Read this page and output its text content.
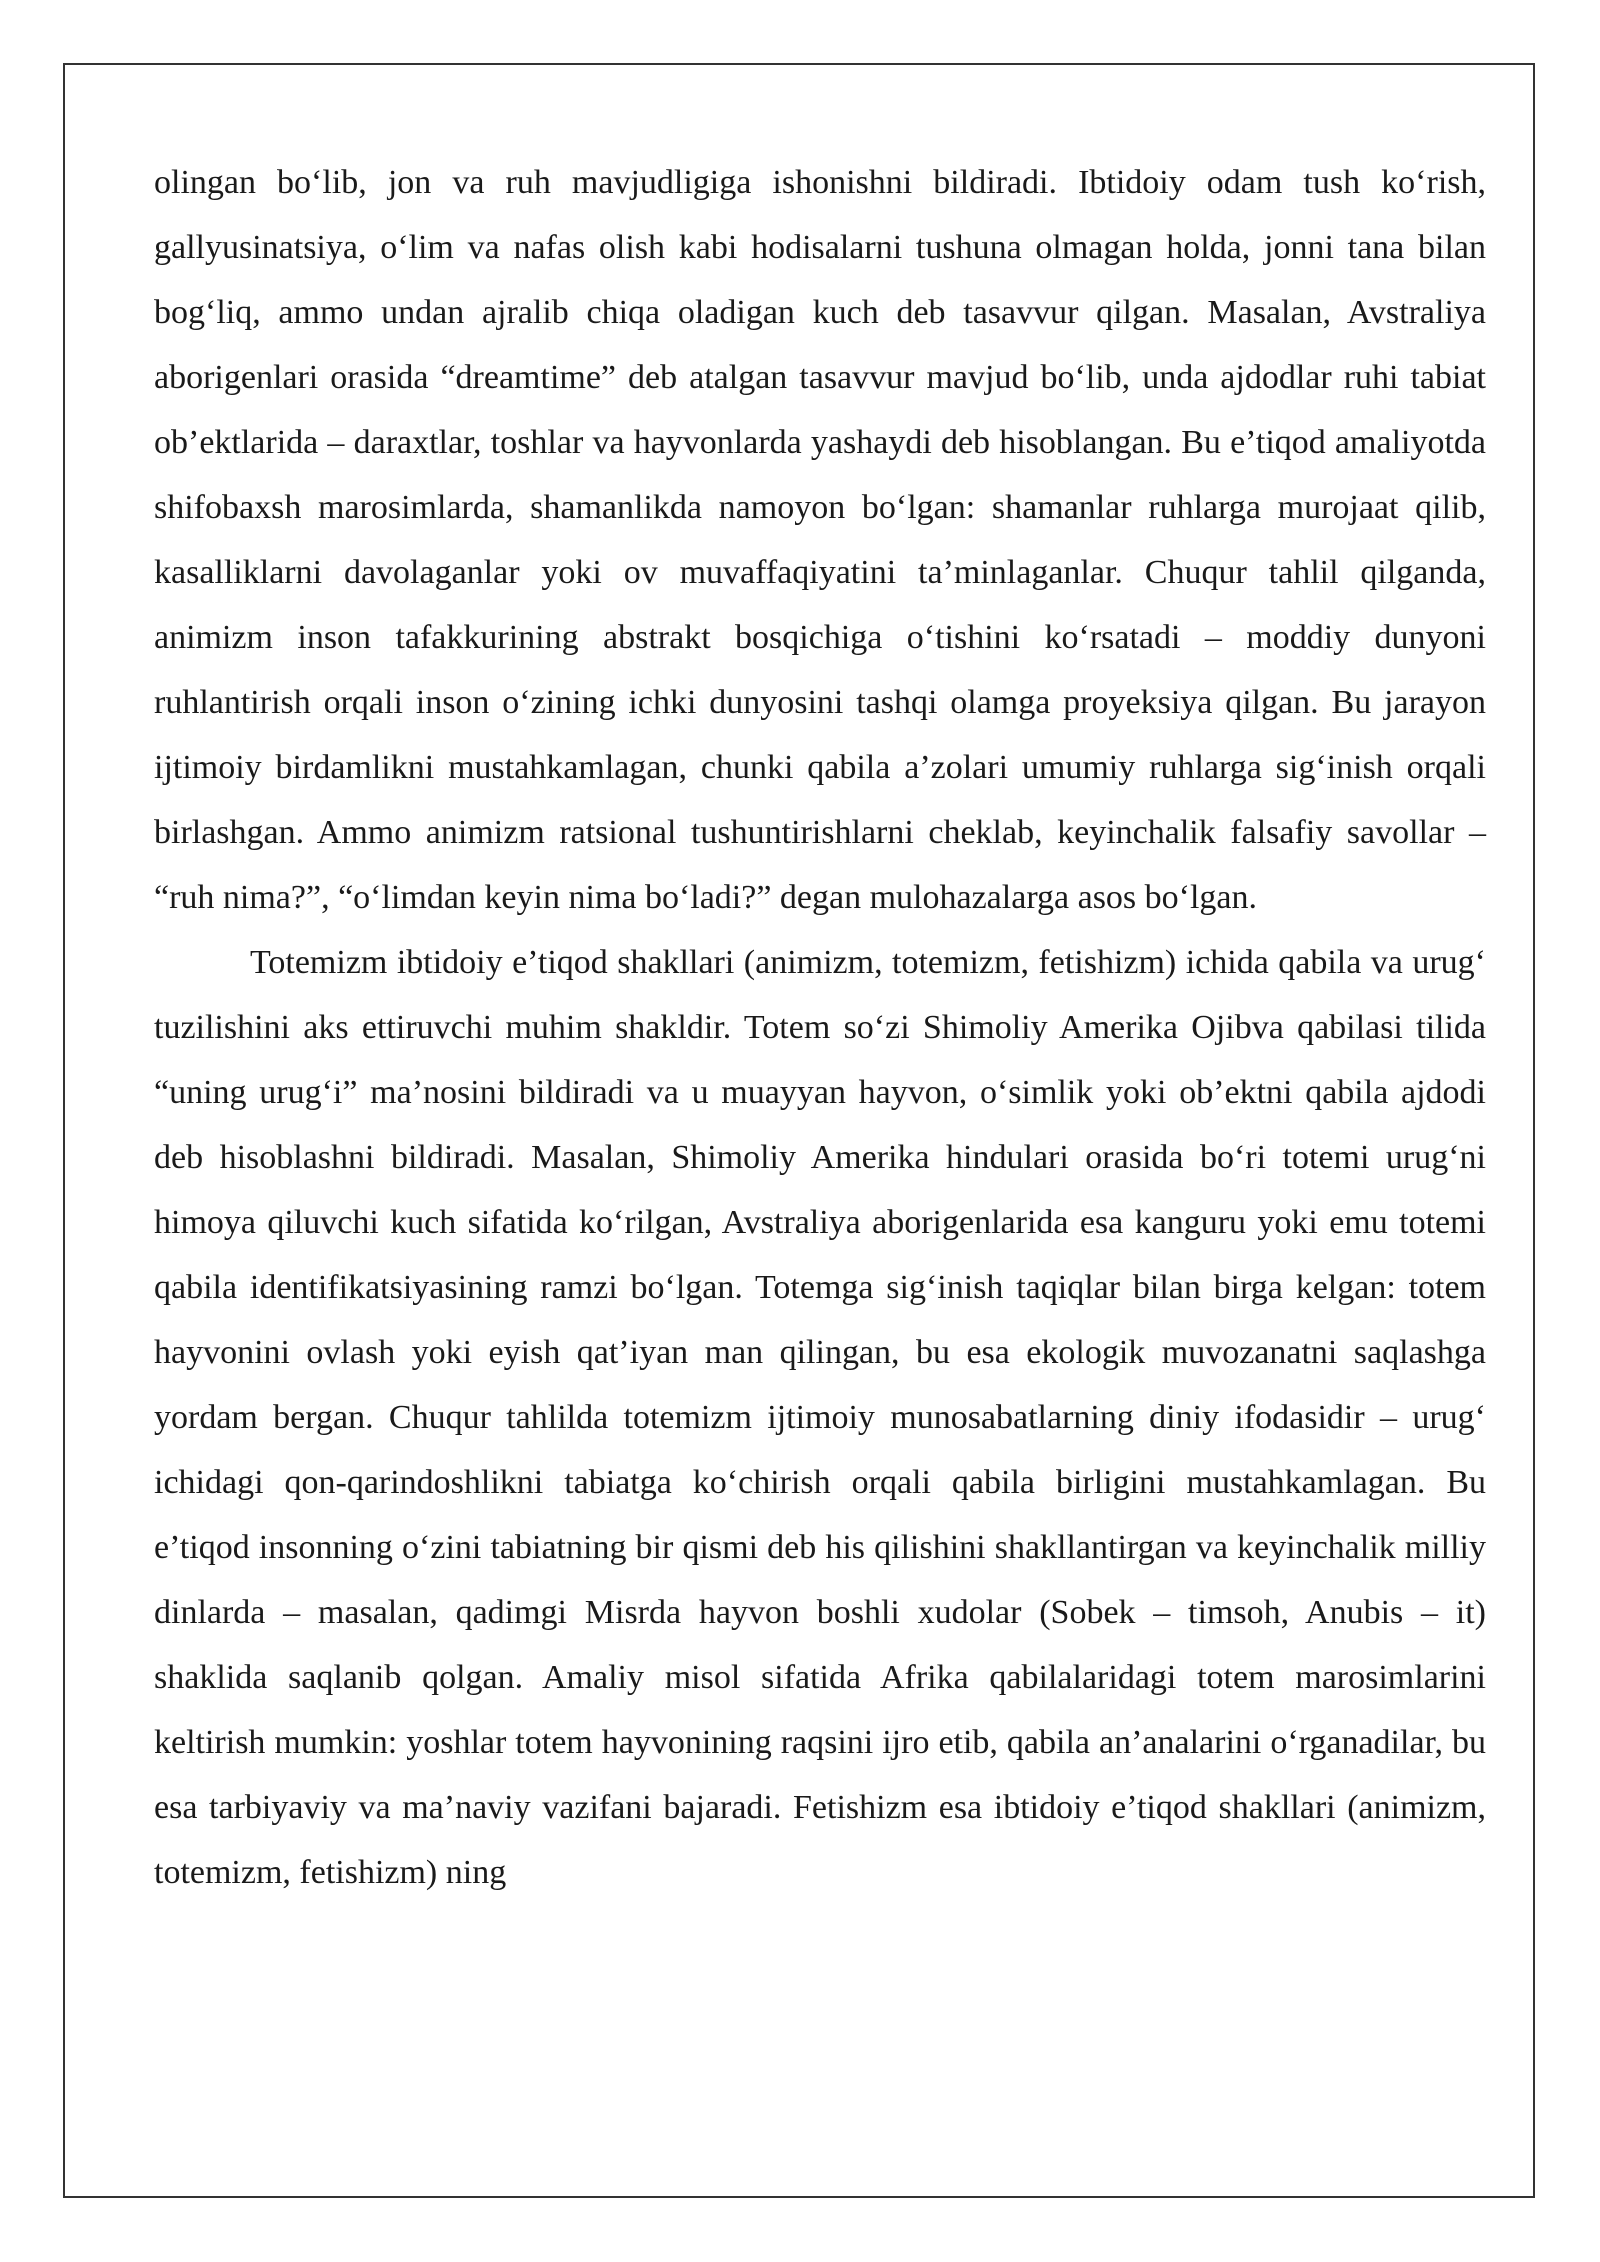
olingan bo‘lib, jon va ruh mavjudligiga ishonishni bildiradi. Ibtidoiy odam tush ko‘rish, gallyusinatsiya, o‘lim va nafas olish kabi hodisalarni tushuna olmagan holda, jonni tana bilan bog‘liq, ammo undan ajralib chiqa oladigan kuch deb tasavvur qilgan. Masalan, Avstraliya aborigenlari orasida “dreamtime” deb atalgan tasavvur mavjud bo‘lib, unda ajdodlar ruhi tabiat ob’ektlarida – daraxtlar, toshlar va hayvonlarda yashaydi deb hisoblangan. Bu e’tiqod amaliyotda shifobaxsh marosimlarda, shamanlikda namoyon bo‘lgan: shamanlar ruhlarga murojaat qilib, kasalliklarni davolaganlar yoki ov muvaffaqiyatini ta’minlaganlar. Chuqur tahlil qilganda, animizm inson tafakkurining abstrakt bosqichiga o‘tishini ko‘rsatadi – moddiy dunyoni ruhlantirish orqali inson o‘zining ichki dunyosini tashqi olamga proyeksiya qilgan. Bu jarayon ijtimoiy birdamlikni mustahkamlagan, chunki qabila a’zolari umumiy ruhlarga sig‘inish orqali birlashgan. Ammo animizm ratsional tushuntirishlarni cheklab, keyinchalik falsafiy savollar – “ruh nima?”, “o‘limdan keyin nima bo‘ladi?” degan mulohazalarga asos bo‘lgan.

Totemizm ibtidoiy e’tiqod shakllari (animizm, totemizm, fetishizm) ichida qabila va urug‘ tuzilishini aks ettiruvchi muhim shakldir. Totem so‘zi Shimoliy Amerika Ojibva qabilasi tilida “uning urug‘i” ma’nosini bildiradi va u muayyan hayvon, o‘simlik yoki ob’ektni qabila ajdodi deb hisoblashni bildiradi. Masalan, Shimoliy Amerika hindulari orasida bo‘ri totemi urug‘ni himoya qiluvchi kuch sifatida ko‘rilgan, Avstraliya aborigenlarida esa kanguru yoki emu totemi qabila identifikatsiyasining ramzi bo‘lgan. Totemga sig‘inish taqiqlar bilan birga kelgan: totem hayvonini ovlash yoki eyish qat’iyan man qilingan, bu esa ekologik muvozanatni saqlashga yordam bergan. Chuqur tahlilda totemizm ijtimoiy munosabatlarning diniy ifodasidir – urug‘ ichidagi qon-qarindoshlikni tabiatga ko‘chirish orqali qabila birligini mustahkamlagan. Bu e’tiqod insonning o‘zini tabiatning bir qismi deb his qilishini shakllantirgan va keyinchalik milliy dinlarda – masalan, qadimgi Misrda hayvon boshli xudolar (Sobek – timsoh, Anubis – it) shaklida saqlanib qolgan. Amaliy misol sifatida Afrika qabilalaridagi totem marosimlarini keltirish mumkin: yoshlar totem hayvonining raqsini ijro etib, qabila an’analarini o‘rganadilar, bu esa tarbiyaviy va ma’naviy vazifani bajaradi. Fetishizm esa ibtidoiy e’tiqod shakllari (animizm, totemizm, fetishizm) ning
